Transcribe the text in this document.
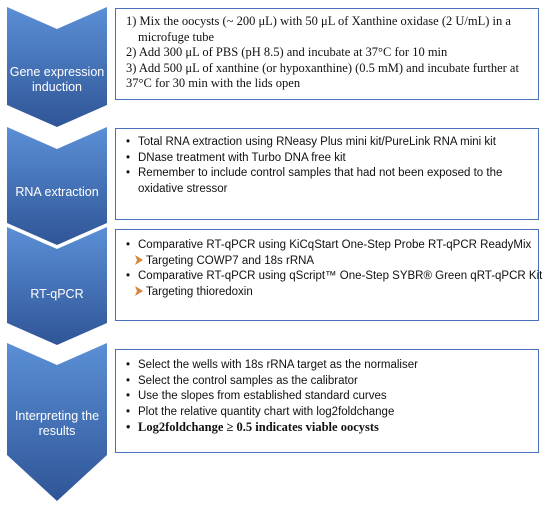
Gene expression
induction
1) Mix the oocysts (~ 200 μL) with 50 μL of Xanthine oxidase (2 U/mL) in a
microfuge tube
2) Add 300 μL of PBS (pH 8.5) and incubate at 37°C for 10 min
3) Add 500 μL of xanthine (or hypoxanthine) (0.5 mM) and incubate further at
37°C for 30 min with the lids open
RNA extraction
• Total RNA extraction using RNeasy Plus mini kit/PureLink RNA mini kit
• DNase treatment with Turbo DNA free kit
• Remember to include control samples that had not been exposed to the
oxidative stressor
RT-qPCR
• Comparative RT-qPCR using KiCqStart One-Step Probe RT-qPCR ReadyMix
Targeting COWP7 and 18s rRNA
• Comparative RT-qPCR using qScript™ One-Step SYBR® Green qRT-qPCR Kit
Targeting thioredoxin
Interpreting the
results
• Select the wells with 18s rRNA target as the normaliser
• Select the control samples as the calibrator
• Use the slopes from established standard curves
• Plot the relative quantity chart with log2foldchange
• Log2foldchange ≥ 0.5 indicates viable oocysts
